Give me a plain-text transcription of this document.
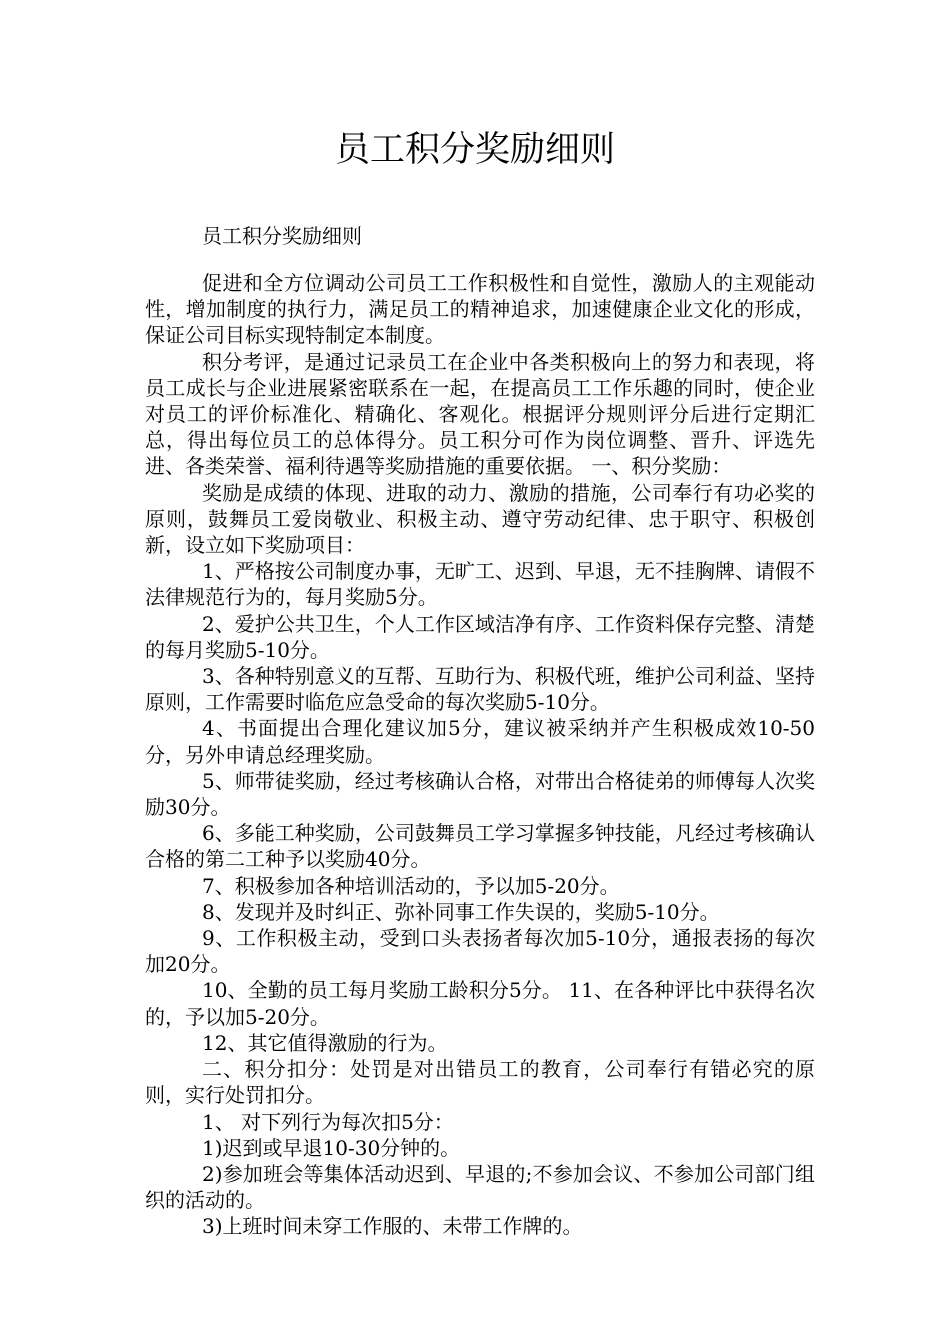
员工积分奖励细则

员工积分奖励细则

促进和全方位调动公司员工工作积极性和自觉性，激励人的主观能动性，增加制度的执行力，满足员工的精神追求，加速健康企业文化的形成，保证公司目标实现特制定本制度。

积分考评，是通过记录员工在企业中各类积极向上的努力和表现，将员工成长与企业进展紧密联系在一起，在提高员工工作乐趣的同时，使企业对员工的评价标准化、精确化、客观化。根据评分规则评分后进行定期汇总，得出每位员工的总体得分。员工积分可作为岗位调整、晋升、评选先进、各类荣誉、福利待遇等奖励措施的重要依据。 一、积分奖励：

奖励是成绩的体现、进取的动力、激励的措施，公司奉行有功必奖的原则，鼓舞员工爱岗敬业、积极主动、遵守劳动纪律、忠于职守、积极创新，设立如下奖励项目：

1、严格按公司制度办事，无旷工、迟到、早退，无不挂胸牌、请假不法律规范行为的，每月奖励5分。

2、爱护公共卫生，个人工作区域洁净有序、工作资料保存完整、清楚的每月奖励5-10分。

3、各种特别意义的互帮、互助行为、积极代班，维护公司利益、坚持原则，工作需要时临危应急受命的每次奖励5-10分。

4、书面提出合理化建议加5分，建议被采纳并产生积极成效10-50分，另外申请总经理奖励。

5、师带徒奖励，经过考核确认合格，对带出合格徒弟的师傅每人次奖励30分。

6、多能工种奖励，公司鼓舞员工学习掌握多钟技能，凡经过考核确认合格的第二工种予以奖励40分。

7、积极参加各种培训活动的，予以加5-20分。

8、发现并及时纠正、弥补同事工作失误的，奖励5-10分。

9、工作积极主动，受到口头表扬者每次加5-10分，通报表扬的每次加20分。

10、全勤的员工每月奖励工龄积分5分。 11、在各种评比中获得名次的，予以加5-20分。

12、其它值得激励的行为。

二、积分扣分：处罚是对出错员工的教育，公司奉行有错必究的原则，实行处罚扣分。

1、 对下列行为每次扣5分：

1)迟到或早退10-30分钟的。

2)参加班会等集体活动迟到、早退的;不参加会议、不参加公司部门组织的活动的。

3)上班时间未穿工作服的、未带工作牌的。
